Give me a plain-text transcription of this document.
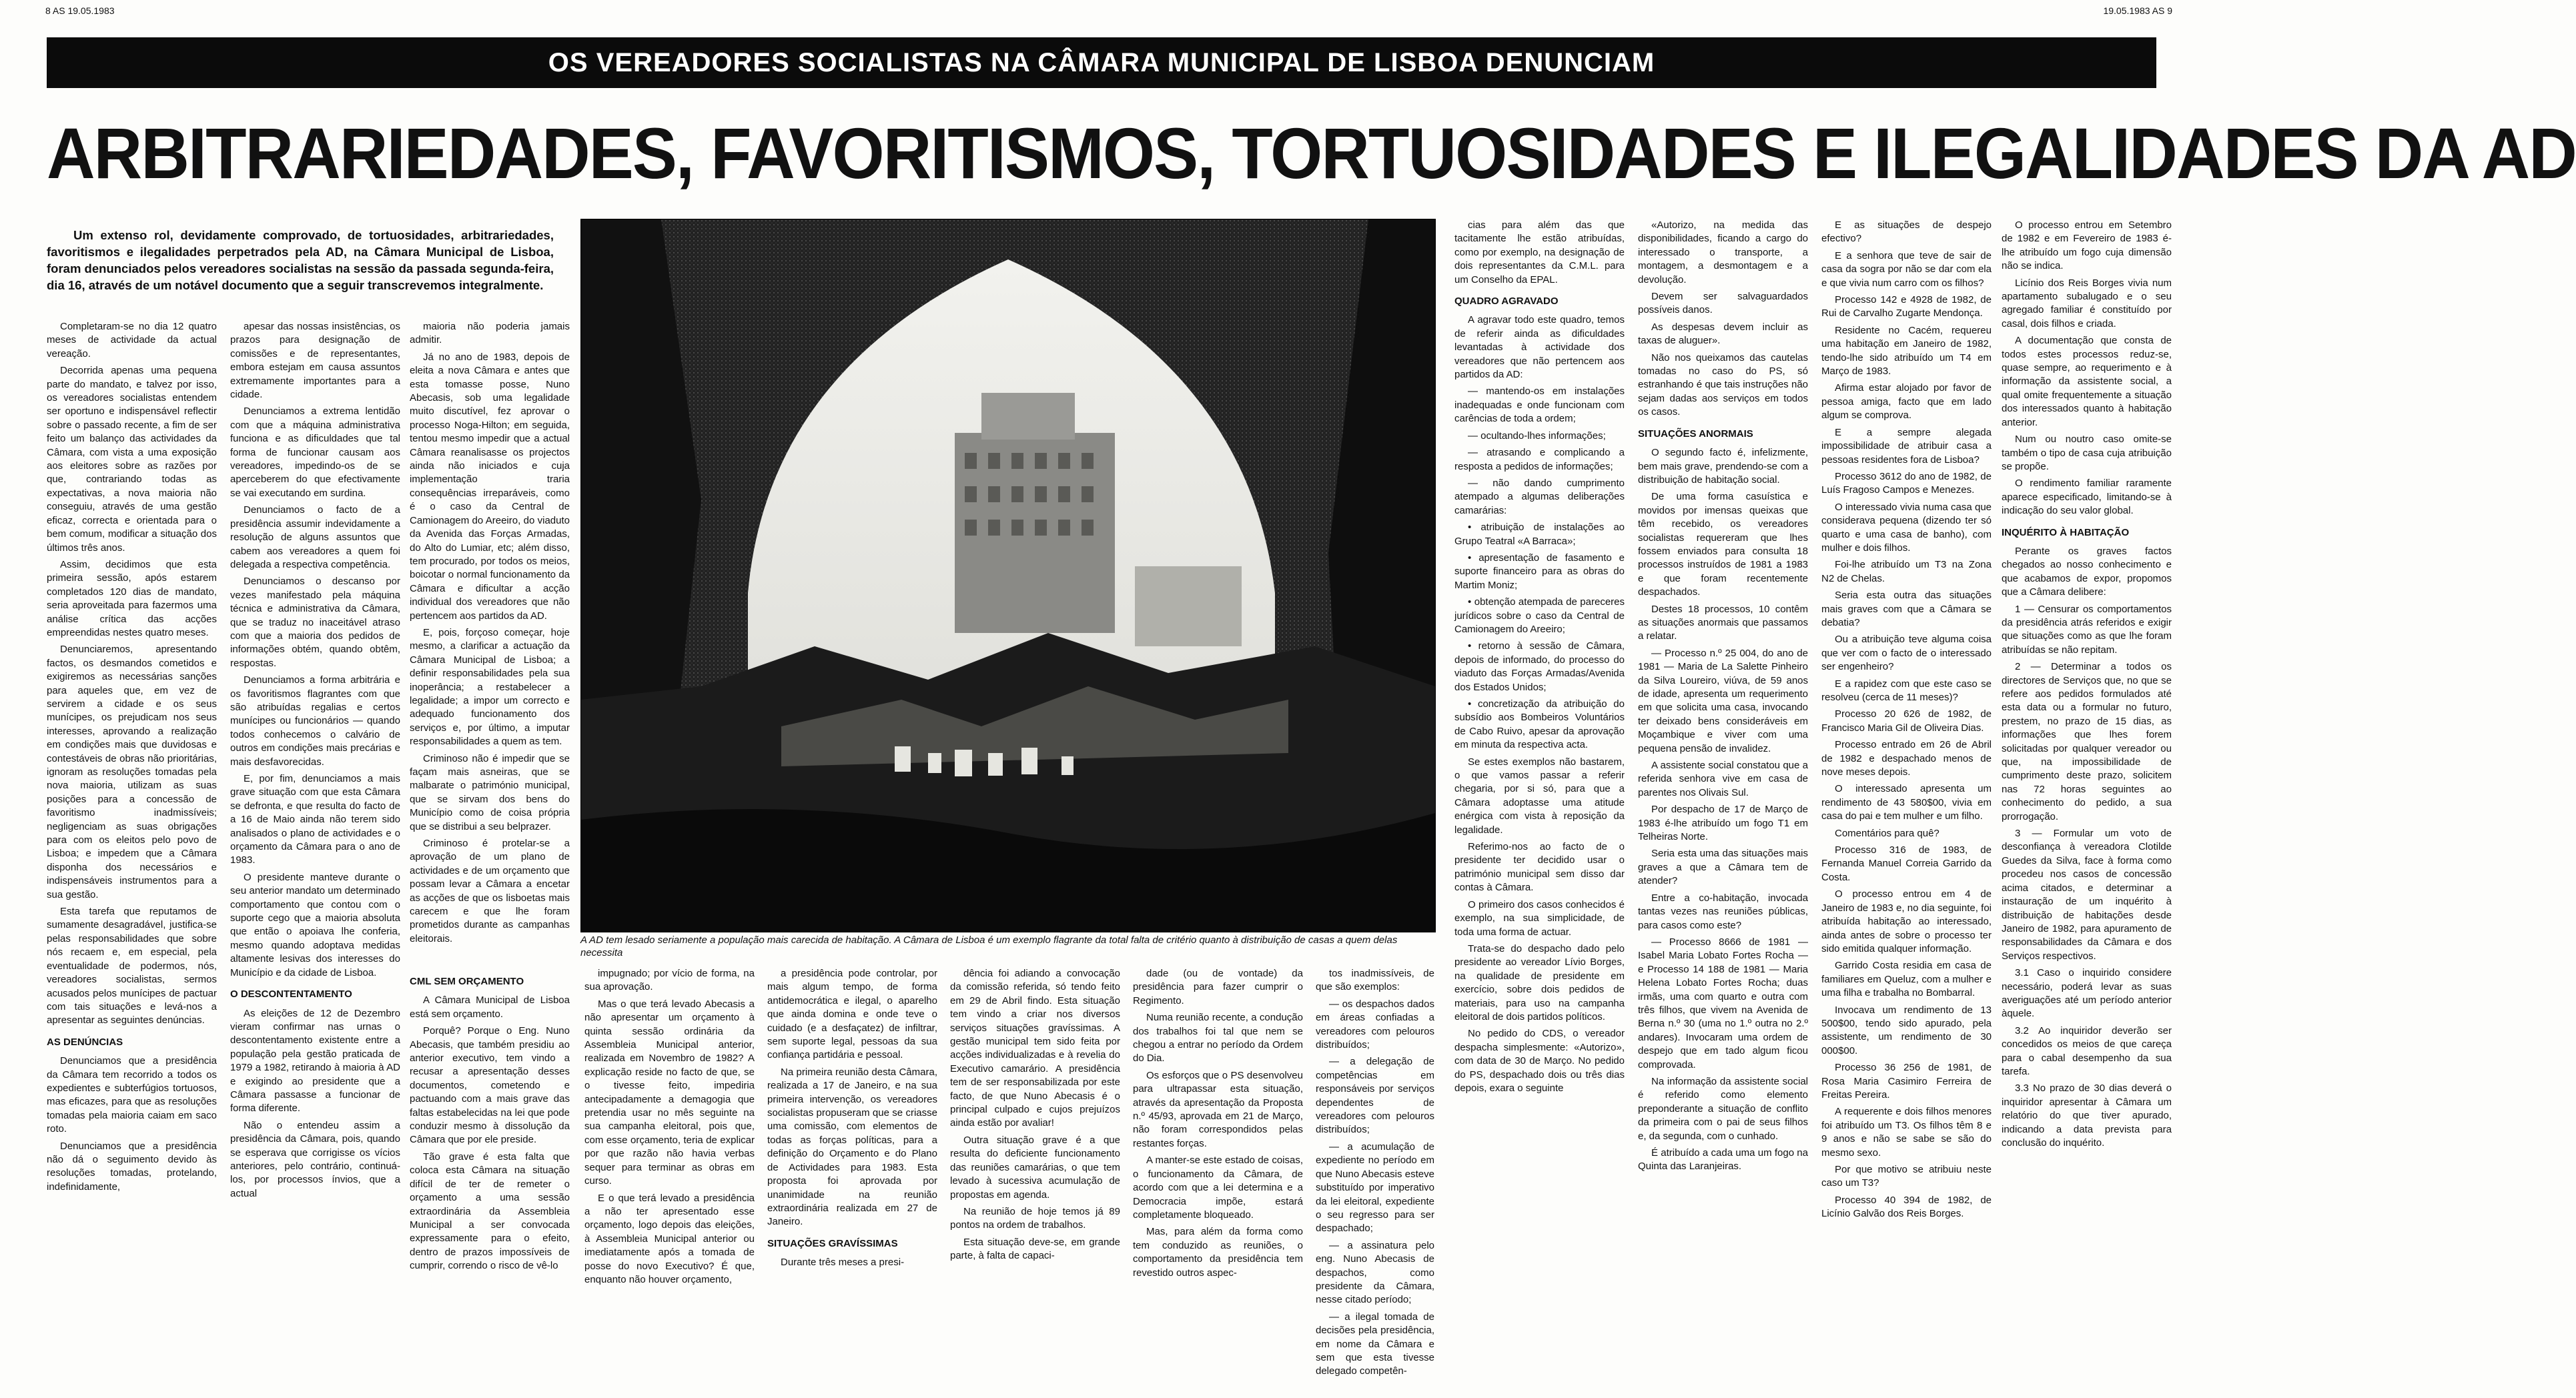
8 AS 19.05.1983	19.05.1983 AS 9
OS VEREADORES SOCIALISTAS NA CÂMARA MUNICIPAL DE LISBOA DENUNCIAM
ARBITRARIEDADES, FAVORITISMOS, TORTUOSIDADES E ILEGALIDADES DA AD
Um extenso rol, devidamente comprovado, de tortuosidades, arbitrariedades, favoritismos e ilegalidades perpetrados pela AD, na Câmara Municipal de Lisboa, foram denunciados pelos vereadores socialistas na sessão da passada segunda-feira, dia 16, através de um notável documento que a seguir transcrevemos integralmente.

Completaram-se no dia 12 quatro meses de actividade da actual vereação.

Decorrida apenas uma pequena parte do mandato, e talvez por isso, os vereadores socialistas entendem ser oportuno e indispensável reflectir sobre o passado recente, a fim de ser feito um balanço das actividades da Câmara, com vista a uma exposição aos eleitores sobre as razões por que, contrariando todas as expectativas, a nova maioria não conseguiu, através de uma gestão eficaz, correcta e orientada para o bem comum, modificar a situação dos últimos três anos.

Assim, decidimos que esta primeira sessão, após estarem completados 120 dias de mandato, seria aproveitada para fazermos uma análise crítica das acções empreendidas nestes quatro meses.

Denunciaremos, apresentando factos, os desmandos cometidos e exigiremos as necessárias sanções para aqueles que, em vez de servirem a cidade e os seus munícipes, os prejudicam nos seus interesses, aprovando a realização em condições mais que duvidosas e contestáveis de obras não prioritárias, ignoram as resoluções tomadas pela nova maioria, utilizam as suas posições para a concessão de favoritismo inadmissíveis; negligenciam as suas obrigações para com os eleitos pelo povo de Lisboa; e impedem que a Câmara disponha dos necessários e indispensáveis instrumentos para a sua gestão.

Esta tarefa que reputamos de sumamente desagradável, justifica-se pelas responsabilidades que sobre nós recaem e, em especial, pela eventualidade de podermos, nós, vereadores socialistas, sermos acusados pelos munícipes de pactuar com tais situações e levá-nos a apresentar as seguintes denúncias.

AS DENÚNCIAS

Denunciamos que a presidência da Câmara tem recorrido a todos os expedientes e subterfúgios tortuosos, mas eficazes, para que as resoluções tomadas pela maioria caiam em saco roto.

Denunciamos que a presidência não dá o seguimento devido às resoluções tomadas, protelando, indefinidamente,

apesar das nossas insistências, os prazos para designação de comissões e de representantes, embora estejam em causa assuntos extremamente importantes para a cidade.

Denunciamos a extrema lentidão com que a máquina administrativa funciona e as dificuldades que tal forma de funcionar causam aos vereadores, impedindo-os de se aperceberem do que efectivamente se vai executando em surdina.

Denunciamos o facto de a presidência assumir indevidamente a resolução de alguns assuntos que cabem aos vereadores a quem foi delegada a respectiva competência.

Denunciamos o descanso por vezes manifestado pela máquina técnica e administrativa da Câmara, que se traduz no inaceitável atraso com que a maioria dos pedidos de informações obtém, quando obtêm, respostas.

Denunciamos a forma arbitrária e os favoritismos flagrantes com que são atribuídas regalias e certos munícipes ou funcionários — quando todos conhecemos o calvário de outros em condições mais precárias e mais desfavorecidas.

E, por fim, denunciamos a mais grave situação com que esta Câmara se defronta, e que resulta do facto de a 16 de Maio ainda não terem sido analisados o plano de actividades e o orçamento da Câmara para o ano de 1983.

O presidente manteve durante o seu anterior mandato um determinado comportamento que contou com o suporte cego que a maioria absoluta que então o apoiava lhe conferia, mesmo quando adoptava medidas altamente lesivas dos interesses do Município e da cidade de Lisboa.

O DESCONTENTAMENTO

As eleições de 12 de Dezembro vieram confirmar nas urnas o descontentamento existente entre a população pela gestão praticada de 1979 a 1982, retirando à maioria à AD e exigindo ao presidente que a Câmara passasse a funcionar de forma diferente.

Não o entendeu assim a presidência da Câmara, pois, quando se esperava que corrigisse os vícios anteriores, pelo contrário, continuá-los, por processos ínvios, que a actual

maioria não poderia jamais admitir.

Já no ano de 1983, depois de eleita a nova Câmara e antes que esta tomasse posse, Nuno Abecasis, sob uma legalidade muito discutível, fez aprovar o processo Noga-Hilton; em seguida, tentou mesmo impedir que a actual Câmara reanalisasse os projectos ainda não iniciados e cuja implementação traria consequências irreparáveis, como é o caso da Central de Camionagem do Areeiro, do viaduto da Avenida das Forças Armadas, do Alto do Lumiar, etc; além disso, tem procurado, por todos os meios, boicotar o normal funcionamento da Câmara e dificultar a acção individual dos vereadores que não pertencem aos partidos da AD.

E, pois, forçoso começar, hoje mesmo, a clarificar a actuação da Câmara Municipal de Lisboa; a definir responsabilidades pela sua inoperância; a restabelecer a legalidade; a impor um correcto e adequado funcionamento dos serviços e, por último, a imputar responsabilidades a quem as tem.

Criminoso não é impedir que se façam mais asneiras, que se malbarate o património municipal, que se sirvam dos bens do Município como de coisa própria que se distribui a seu belprazer.

Criminoso é protelar-se a aprovação de um plano de actividades e de um orçamento que possam levar a Câmara a encetar as acções de que os lisboetas mais carecem e que lhe foram prometidos durante as campanhas eleitorais.	A AD tem lesado seriamente a população mais carecida de habitação. A Câmara de Lisboa é um exemplo flagrante da total falta de critério quanto à distribuição de casas a quem delas necessita
CML SEM ORÇAMENTO

A Câmara Municipal de Lisboa está sem orçamento.

Porquê? Porque o Eng. Nuno Abecasis, que também presidiu ao anterior executivo, tem vindo a recusar a apresentação desses documentos, cometendo e pactuando com a mais grave das faltas estabelecidas na lei que pode conduzir mesmo à dissolução da Câmara que por ele preside.

Tão grave é esta falta que coloca esta Câmara na situação difícil de ter de remeter o orçamento a uma sessão extraordinária da Assembleia Municipal a ser convocada expressamente para o efeito, dentro de prazos impossíveis de cumprir, correndo o risco de vê-lo

impugnado; por vício de forma, na sua aprovação.

Mas o que terá levado Abecasis a não apresentar um orçamento à quinta sessão ordinária da Assembleia Municipal anterior, realizada em Novembro de 1982? A explicação reside no facto de que, se o tivesse feito, impediria antecipadamente a demagogia que pretendia usar no mês seguinte na sua campanha eleitoral, pois que, com esse orçamento, teria de explicar por que razão não havia verbas sequer para terminar as obras em curso.

E o que terá levado a presidência a não ter apresentado esse orçamento, logo depois das eleições, à Assembleia Municipal anterior ou imediatamente após a tomada de posse do novo Executivo? É que, enquanto não houver orçamento,

a presidência pode controlar, por mais algum tempo, de forma antidemocrática e ilegal, o aparelho que ainda domina e onde teve o cuidado (e a desfaçatez) de infiltrar, sem suporte legal, pessoas da sua confiança partidária e pessoal.

Na primeira reunião desta Câmara, realizada a 17 de Janeiro, e na sua primeira intervenção, os vereadores socialistas propuseram que se criasse uma comissão, com elementos de todas as forças políticas, para a definição do Orçamento e do Plano de Actividades para 1983. Esta proposta foi aprovada por unanimidade na reunião extraordinária realizada em 27 de Janeiro.

SITUAÇÕES GRAVÍSSIMAS

Durante três meses a presi-

dência foi adiando a convocação da comissão referida, só tendo feito em 29 de Abril findo. Esta situação tem vindo a criar nos diversos serviços situações gravíssimas. A gestão municipal tem sido feita por acções individualizadas e à revelia do Executivo camarário. A presidência tem de ser responsabilizada por este facto, de que Nuno Abecasis é o principal culpado e cujos prejuízos ainda estão por avaliar!

Outra situação grave é a que resulta do deficiente funcionamento das reuniões camarárias, o que tem levado à sucessiva acumulação de propostas em agenda.

Na reunião de hoje temos já 89 pontos na ordem de trabalhos.

Esta situação deve-se, em grande parte, à falta de capaci-

dade (ou de vontade) da presidência para fazer cumprir o Regimento.

Numa reunião recente, a condução dos trabalhos foi tal que nem se chegou a entrar no período da Ordem do Dia.

Os esforços que o PS desenvolveu para ultrapassar esta situação, através da apresentação da Proposta n.º 45/93, aprovada em 21 de Março, não foram correspondidos pelas restantes forças.

A manter-se este estado de coisas, o funcionamento da Câmara, de acordo com que a lei determina e a Democracia impõe, estará completamente bloqueado.

Mas, para além da forma como tem conduzido as reuniões, o comportamento da presidência tem revestido outros aspec-

tos inadmissíveis, de que são exemplos:

— os despachos dados em áreas confiadas a vereadores com pelouros distribuídos;

— a delegação de competências em responsáveis por serviços dependentes de vereadores com pelouros distribuídos;

— a acumulação de expediente no período em que Nuno Abecasis esteve substituído por imperativo da lei eleitoral, expediente o seu regresso para ser despachado;

— a assinatura pelo eng. Nuno Abecasis de despachos, como presidente da Câmara, nesse citado período;

— a ilegal tomada de decisões pela presidência, em nome da Câmara e sem que esta tivesse delegado competên-

cias para além das que tacitamente lhe estão atribuídas, como por exemplo, na designação de dois representantes da C.M.L. para um Conselho da EPAL.

QUADRO AGRAVADO

A agravar todo este quadro, temos de referir ainda as dificuldades levantadas à actividade dos vereadores que não pertencem aos partidos da AD:

— mantendo-os em instalações inadequadas e onde funcionam com carências de toda a ordem;

— ocultando-lhes informações;

— atrasando e complicando a resposta a pedidos de informações;

— não dando cumprimento atempado a algumas deliberações camarárias:

• atribuição de instalações ao Grupo Teatral «A Barraca»;

• apresentação de fasamento e suporte financeiro para as obras do Martim Moniz;

• obtenção atempada de pareceres jurídicos sobre o caso da Central de Camionagem do Areeiro;

• retorno à sessão de Câmara, depois de informado, do processo do viaduto das Forças Armadas/Avenida dos Estados Unidos;

• concretização da atribuição do subsídio aos Bombeiros Voluntários de Cabo Ruivo, apesar da aprovação em minuta da respectiva acta.

Se estes exemplos não bastarem, o que vamos passar a referir chegaria, por si só, para que a Câmara adoptasse uma atitude enérgica com vista à reposição da legalidade.

Referimo-nos ao facto de o presidente ter decidido usar o património municipal sem disso dar contas à Câmara.

O primeiro dos casos conhecidos é exemplo, na sua simplicidade, de toda uma forma de actuar.

Trata-se do despacho dado pelo presidente ao vereador Lívio Borges, na qualidade de presidente em exercício, sobre dois pedidos de materiais, para uso na campanha eleitoral de dois partidos políticos.

No pedido do CDS, o vereador despacha simplesmente: «Autorizo», com data de 30 de Março. No pedido do PS, despachado dois ou três dias depois, exara o seguinte

«Autorizo, na medida das disponibilidades, ficando a cargo do interessado o transporte, a montagem, a desmontagem e a devolução.

Devem ser salvaguardados possíveis danos.

As despesas devem incluir as taxas de aluguer».

Não nos queixamos das cautelas tomadas no caso do PS, só estranhando é que tais instruções não sejam dadas aos serviços em todos os casos.

SITUAÇÕES ANORMAIS

O segundo facto é, infelizmente, bem mais grave, prendendo-se com a distribuição de habitação social.

De uma forma casuística e movidos por imensas queixas que têm recebido, os vereadores socialistas requereram que lhes fossem enviados para consulta 18 processos instruídos de 1981 a 1983 e que foram recentemente despachados.

Destes 18 processos, 10 contêm as situações anormais que passamos a relatar.

— Processo n.º 25 004, do ano de 1981 — Maria de La Salette Pinheiro da Silva Loureiro, viúva, de 59 anos de idade, apresenta um requerimento em que solicita uma casa, invocando ter deixado bens consideráveis em Moçambique e viver com uma pequena pensão de invalidez.

A assistente social constatou que a referida senhora vive em casa de parentes nos Olivais Sul.

Por despacho de 17 de Março de 1983 é-lhe atribuído um fogo T1 em Telheiras Norte.

Seria esta uma das situações mais graves a que a Câmara tem de atender?

Entre a co-habitação, invocada tantas vezes nas reuniões públicas, para casos como este?

— Processo 8666 de 1981 — Isabel Maria Lobato Fortes Rocha — e Processo 14 188 de 1981 — Maria Helena Lobato Fortes Rocha; duas irmãs, uma com quarto e outra com três filhos, que vivem na Avenida de Berna n.º 30 (uma no 1.º outra no 2.º andares). Invocaram uma ordem de despejo que em tado algum ficou comprovada.

Na informação da assistente social é referido como elemento preponderante a situação de conflito da primeira com o pai de seus filhos e, da segunda, com o cunhado.

É atribuído a cada uma um fogo na Quinta das Laranjeiras.

E as situações de despejo efectivo?

E a senhora que teve de sair de casa da sogra por não se dar com ela e que vivia num carro com os filhos?

Processo 142 e 4928 de 1982, de Rui de Carvalho Zugarte Mendonça.

Residente no Cacém, requereu uma habitação em Janeiro de 1982, tendo-lhe sido atribuído um T4 em Março de 1983.

Afirma estar alojado por favor de pessoa amiga, facto que em lado algum se comprova.

E a sempre alegada impossibilidade de atribuir casa a pessoas residentes fora de Lisboa?

Processo 3612 do ano de 1982, de Luís Fragoso Campos e Menezes.

O interessado vivia numa casa que considerava pequena (dizendo ter só quarto e uma casa de banho), com mulher e dois filhos.

Foi-lhe atribuído um T3 na Zona N2 de Chelas.

Seria esta outra das situações mais graves com que a Câmara se debatia?

Ou a atribuição teve alguma coisa que ver com o facto de o interessado ser engenheiro?

E a rapidez com que este caso se resolveu (cerca de 11 meses)?

Processo 20 626 de 1982, de Francisco Maria Gil de Oliveira Dias.

Processo entrado em 26 de Abril de 1982 e despachado menos de nove meses depois.

O interessado apresenta um rendimento de 43 580$00, vivia em casa do pai e tem mulher e um filho.

Comentários para quê?

Processo 316 de 1983, de Fernanda Manuel Correia Garrido da Costa.

O processo entrou em 4 de Janeiro de 1983 e, no dia seguinte, foi atribuída habitação ao interessado, ainda antes de sobre o processo ter sido emitida qualquer informação.

Garrido Costa residia em casa de familiares em Queluz, com a mulher e uma filha e trabalha no Bombarral.

Invocava um rendimento de 13 500$00, tendo sido apurado, pela assistente, um rendimento de 30 000$00.

Processo 36 256 de 1981, de Rosa Maria Casimiro Ferreira de Freitas Pereira.

A requerente e dois filhos menores foi atribuído um T3. Os filhos têm 8 e 9 anos e não se sabe se são do mesmo sexo.

Por que motivo se atribuiu neste caso um T3?

Processo 40 394 de 1982, de Licínio Galvão dos Reis Borges.

O processo entrou em Setembro de 1982 e em Fevereiro de 1983 é-lhe atribuído um fogo cuja dimensão não se indica.

Licínio dos Reis Borges vivia num apartamento subalugado e o seu agregado familiar é constituído por casal, dois filhos e criada.

A documentação que consta de todos estes processos reduz-se, quase sempre, ao requerimento e à informação da assistente social, a qual omite frequentemente a situação dos interessados quanto à habitação anterior.

Num ou noutro caso omite-se também o tipo de casa cuja atribuição se propõe.

O rendimento familiar raramente aparece especificado, limitando-se à indicação do seu valor global.

INQUÉRITO À HABITAÇÃO

Perante os graves factos chegados ao nosso conhecimento e que acabamos de expor, propomos que a Câmara delibere:

1 — Censurar os comportamentos da presidência atrás referidos e exigir que situações como as que lhe foram atribuídas se não repitam.

2 — Determinar a todos os directores de Serviços que, no que se refere aos pedidos formulados até esta data ou a formular no futuro, prestem, no prazo de 15 dias, as informações que lhes forem solicitadas por qualquer vereador ou que, na impossibilidade de cumprimento deste prazo, solicitem nas 72 horas seguintes ao conhecimento do pedido, a sua prorrogação.

3 — Formular um voto de desconfiança à vereadora Clotilde Guedes da Silva, face à forma como procedeu nos casos de concessão acima citados, e determinar a instauração de um inquérito à distribuição de habitações desde Janeiro de 1982, para apuramento de responsabilidades da Câmara e dos Serviços respectivos.

3.1 Caso o inquirido considere necessário, poderá levar as suas averiguações até um período anterior àquele.

3.2 Ao inquiridor deverão ser concedidos os meios de que careça para o cabal desempenho da sua tarefa.

3.3 No prazo de 30 dias deverá o inquiridor apresentar à Câmara um relatório do que tiver apurado, indicando a data prevista para conclusão do inquérito.
